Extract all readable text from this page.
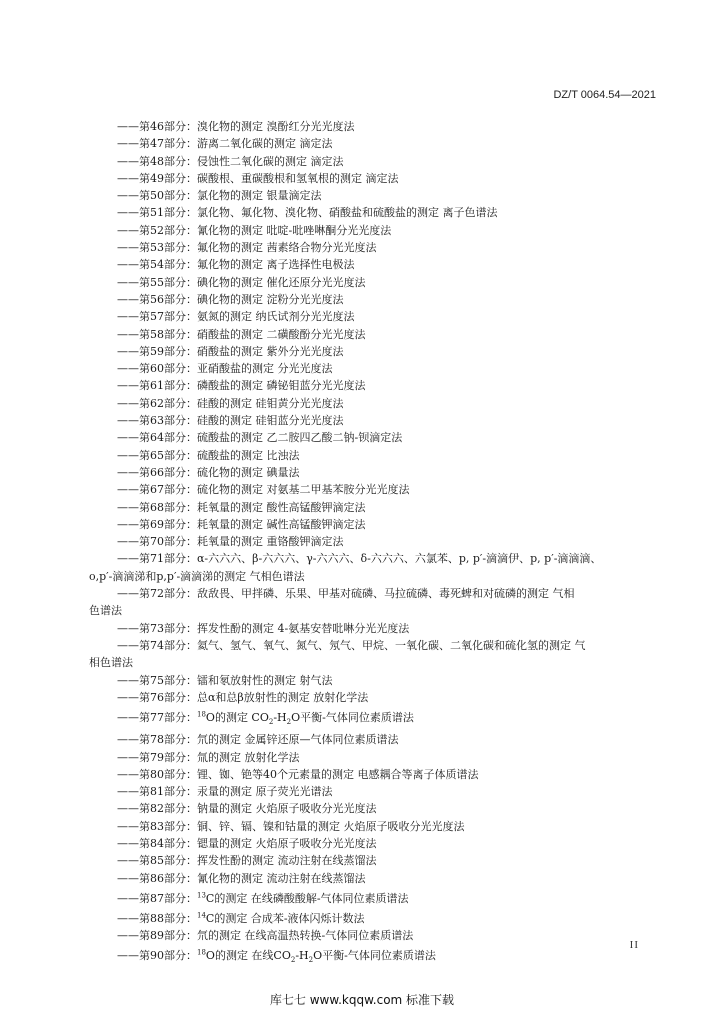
DZ/T 0064.54—2021
——第46部分：溴化物的测定 溴酚红分光光度法
——第47部分：游离二氧化碳的测定 滴定法
——第48部分：侵蚀性二氧化碳的测定 滴定法
——第49部分：碳酸根、重碳酸根和氢氧根的测定 滴定法
——第50部分：氯化物的测定 银量滴定法
——第51部分：氯化物、氟化物、溴化物、硝酸盐和硫酸盐的测定 离子色谱法
——第52部分：氰化物的测定 吡啶-吡唑啉酮分光光度法
——第53部分：氟化物的测定 茜素络合物分光光度法
——第54部分：氟化物的测定 离子选择性电极法
——第55部分：碘化物的测定 催化还原分光光度法
——第56部分：碘化物的测定 淀粉分光光度法
——第57部分：氨氮的测定 纳氏试剂分光光度法
——第58部分：硝酸盐的测定 二磺酸酚分光光度法
——第59部分：硝酸盐的测定 紫外分光光度法
——第60部分：亚硝酸盐的测定 分光光度法
——第61部分：磷酸盐的测定 磷铋钼蓝分光光度法
——第62部分：硅酸的测定 硅钼黄分光光度法
——第63部分：硅酸的测定 硅钼蓝分光光度法
——第64部分：硫酸盐的测定 乙二胺四乙酸二钠-钡滴定法
——第65部分：硫酸盐的测定 比浊法
——第66部分：硫化物的测定 碘量法
——第67部分：硫化物的测定 对氨基二甲基苯胺分光光度法
——第68部分：耗氧量的测定 酸性高锰酸钾滴定法
——第69部分：耗氧量的测定 碱性高锰酸钾滴定法
——第70部分：耗氧量的测定 重铬酸钾滴定法
——第71部分：α-六六六、β-六六六、γ-六六六、δ-六六六、六氯苯、p, p′-滴滴伊、p, p′-滴滴滴、
o,p′-滴滴涕和p,p′-滴滴涕的测定 气相色谱法
——第72部分：敌敌畏、甲拌磷、乐果、甲基对硫磷、马拉硫磷、毒死蜱和对硫磷的测定 气相
色谱法
——第73部分：挥发性酚的测定 4-氨基安替吡啉分光光度法
——第74部分：氦气、氢气、氧气、氮气、氖气、甲烷、一氧化碳、二氧化碳和硫化氢的测定 气
相色谱法
——第75部分：镭和氡放射性的测定 射气法
——第76部分：总α和总β放射性的测定 放射化学法
——第77部分：$^{18}$O的测定 $CO_2-H_2O$平衡-气体同位素质谱法
——第78部分：氘的测定 金属锌还原—气体同位素质谱法
——第79部分：氚的测定 放射化学法
——第80部分：锂、铷、铯等40个元素量的测定 电感耦合等离子体质谱法
——第81部分：汞量的测定 原子荧光光谱法
——第82部分：钠量的测定 火焰原子吸收分光光度法
——第83部分：铜、锌、镉、镍和钴量的测定 火焰原子吸收分光光度法
——第84部分：锶量的测定 火焰原子吸收分光光度法
——第85部分：挥发性酚的测定 流动注射在线蒸馏法
——第86部分：氰化物的测定 流动注射在线蒸馏法
——第87部分：$^{13}$C的测定 在线磷酸酸解-气体同位素质谱法
——第88部分：$^{14}$C的测定 合成苯-液体闪烁计数法
——第89部分：氘的测定 在线高温热转换-气体同位素质谱法
——第90部分：$^{18}$O的测定 在线$CO_2-H_2O$平衡-气体同位素质谱法
II
库七七 www.kqqw.com 标准下载
